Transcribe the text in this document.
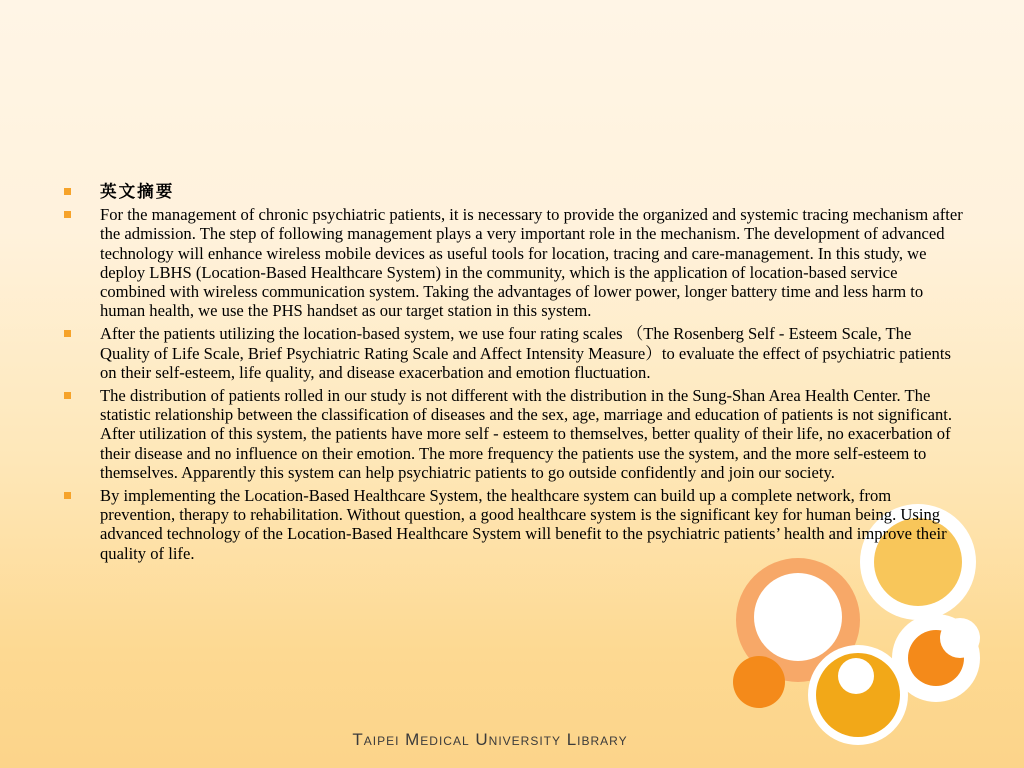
英文摘要
For the management of chronic psychiatric patients, it is necessary to provide the organized and systemic tracing mechanism after the admission. The step of following management plays a very important role in the mechanism. The development of advanced technology will enhance wireless mobile devices as useful tools for location, tracing and care-management. In this study, we deploy LBHS (Location-Based Healthcare System) in the community, which is the application of location-based service combined with wireless communication system. Taking the advantages of lower power, longer battery time and less harm to human health, we use the PHS handset as our target station in this system.
After the patients utilizing the location-based system, we use four rating scales （The Rosenberg Self - Esteem Scale, The Quality of Life Scale, Brief Psychiatric Rating Scale and Affect Intensity Measure）to evaluate the effect of psychiatric patients on their self-esteem, life quality, and disease exacerbation and emotion fluctuation.
The distribution of patients rolled in our study is not different with the distribution in the Sung-Shan Area Health Center. The statistic relationship between the classification of diseases and the sex, age, marriage and education of patients is not significant. After utilization of this system, the patients have more self - esteem to themselves, better quality of their life, no exacerbation of their disease and no influence on their emotion. The more frequency the patients use the system, and the more self-esteem to themselves. Apparently this system can help psychiatric patients to go outside confidently and join our society.
By implementing the Location-Based Healthcare System, the healthcare system can build up a complete network, from prevention, therapy to rehabilitation. Without question, a good healthcare system is the significant key for human being. Using advanced technology of the Location-Based Healthcare System will benefit to the psychiatric patients’ health and improve their quality of life.
Taipei Medical University Library
